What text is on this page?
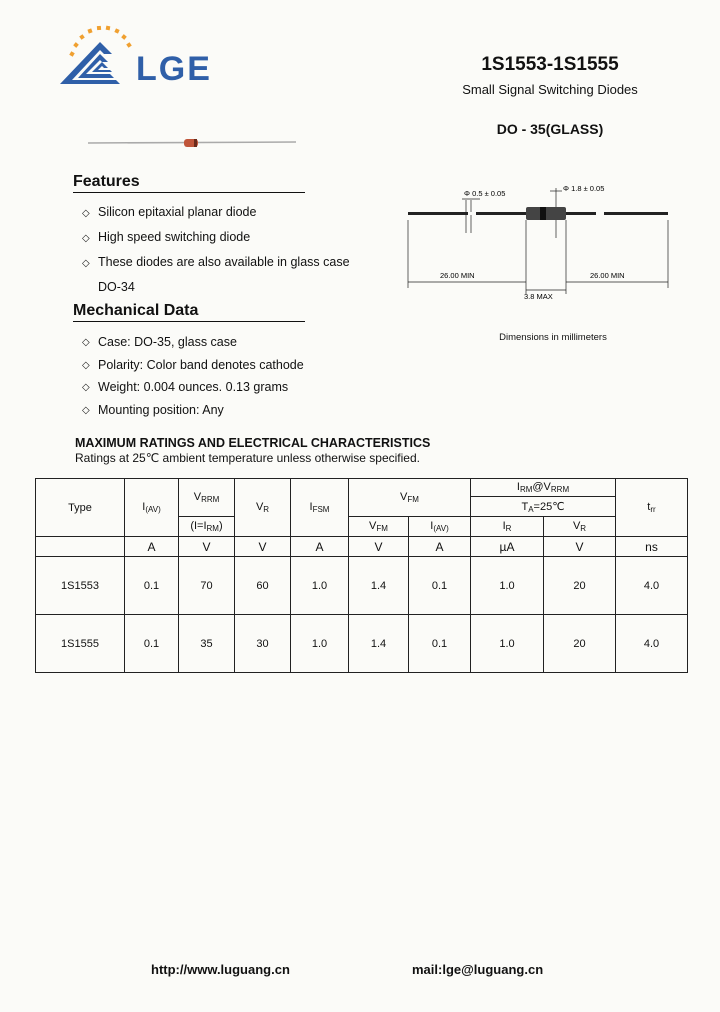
LGE	1S1553-1S1555
Small Signal Switching Diodes
DO - 35(GLASS)
Features
◇ Silicon epitaxial planar diode
◇ High speed switching diode
◇ These diodes are also available in glass case
DO-34
Mechanical Data
◇ Case: DO-35, glass case
◇ Polarity: Color band denotes cathode
◇ Weight: 0.004 ounces. 0.13 grams
◇ Mounting position: Any
Φ 0.5 ± 0.05
Φ 1.8 ± 0.05
26.00 MIN	26.00 MIN
3.8 MAX
Dimensions in millimeters
MAXIMUM RATINGS AND ELECTRICAL CHARACTERISTICS
Ratings at 25℃ ambient temperature unless otherwise specified.
Type	$I_{(AV)}$	$V_{RRM}$	$V_R$	$I_{FSM}$	$V_{FM}$		$I_{RM}@V_{RRM}$		$t_{rr}$
							$T_A=25℃$		
		$(I=I_{RM})$			$V_{FM}$	$I_{(AV)}$	$I_R$	$V_R$
	A	V	V	A	V	A	µA	V	ns
1S1553	0.1	70	60	1.0	1.4	0.1	1.0	20	4.0
1S1555	0.1	35	30	1.0	1.4	0.1	1.0	20	4.0
http://www.luguang.cn	mail:lge@luguang.cn
